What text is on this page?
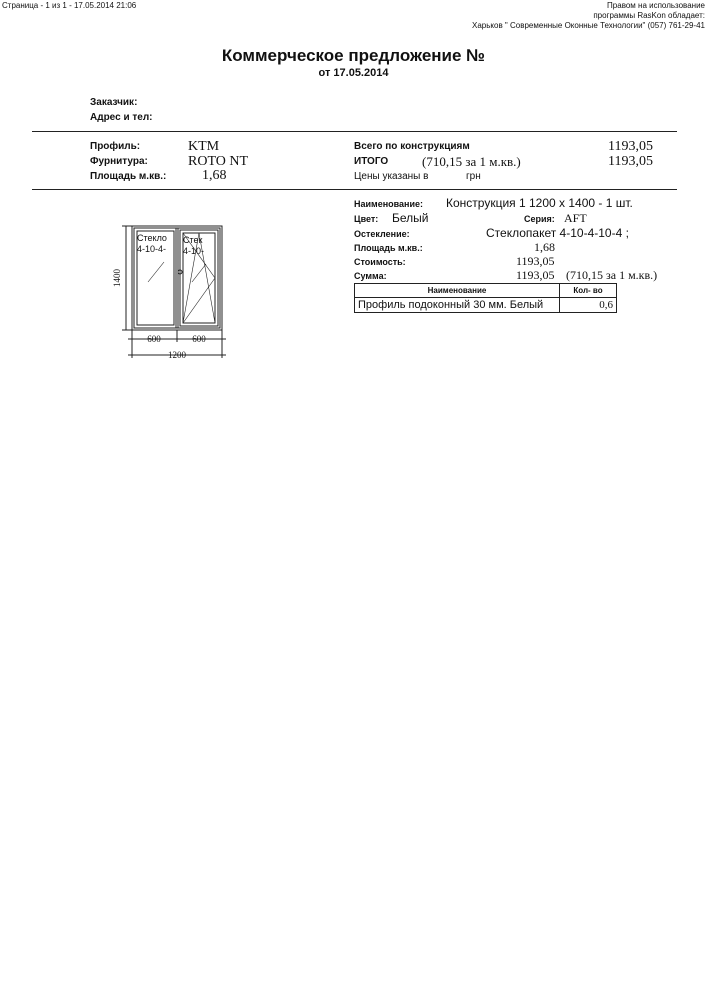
Страница - 1 из 1 - 17.05.2014 21:06	Правом на использование
программы RasKon обладает:
Харьков " Современные Оконные Технологии" (057) 761-29-41
Коммерческое предложение №
от 17.05.2014
Заказчик:
Адрес и тел:
Профиль:	KTM
Фурнитура:	ROTO NT
Площадь м.кв.:	1,68
Всего по конструкциям	1193,05
ИТОГО	(710,15 за 1 м.кв.)	1193,05
Цены указаны в	грн
Наименование: Конструкция 1 1200 х 1400 - 1 шт.
Цвет: Белый	Серия: AFT
Остекление:	Стеклопакет 4-10-4-10-4 ;
Площадь м.кв.:	1,68
Стоимость:	1193,05
Сумма:	1193,05 (710,15 за 1 м.кв.)
Наименование	Кол- во
Профиль подоконный 30 мм. Белый	0,6
1400
600	600
1200
Стекло
4-10-4-
Стек
4-10-
